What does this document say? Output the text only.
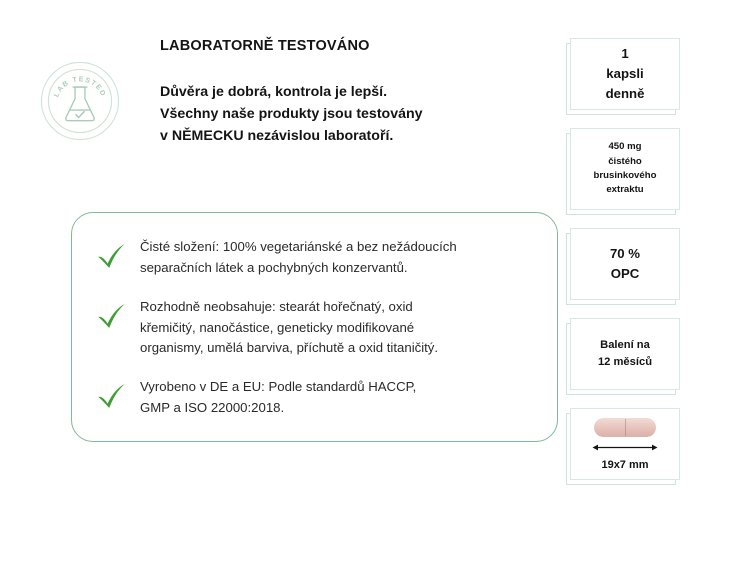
LAB TESTED
LABORATORNĚ TESTOVÁNO
Důvěra je dobrá, kontrola je lepší.
Všechny naše produkty jsou testovány
v NĚMECKU nezávislou laboratoří.
Čisté složení: 100% vegetariánské a bez nežádoucích
separačních látek a pochybných konzervantů.
Rozhodně neobsahuje: stearát hořečnatý, oxid
křemičitý, nanočástice, geneticky modifikované
organismy, umělá barviva, příchutě a oxid titaničitý.
Vyrobeno v DE a EU: Podle standardů HACCP,
GMP a ISO 22000:2018.
1
kapsli
denně
450 mg
čistého
brusinkového
extraktu
70 %
OPC
Balení na
12 měsíců
19x7 mm
